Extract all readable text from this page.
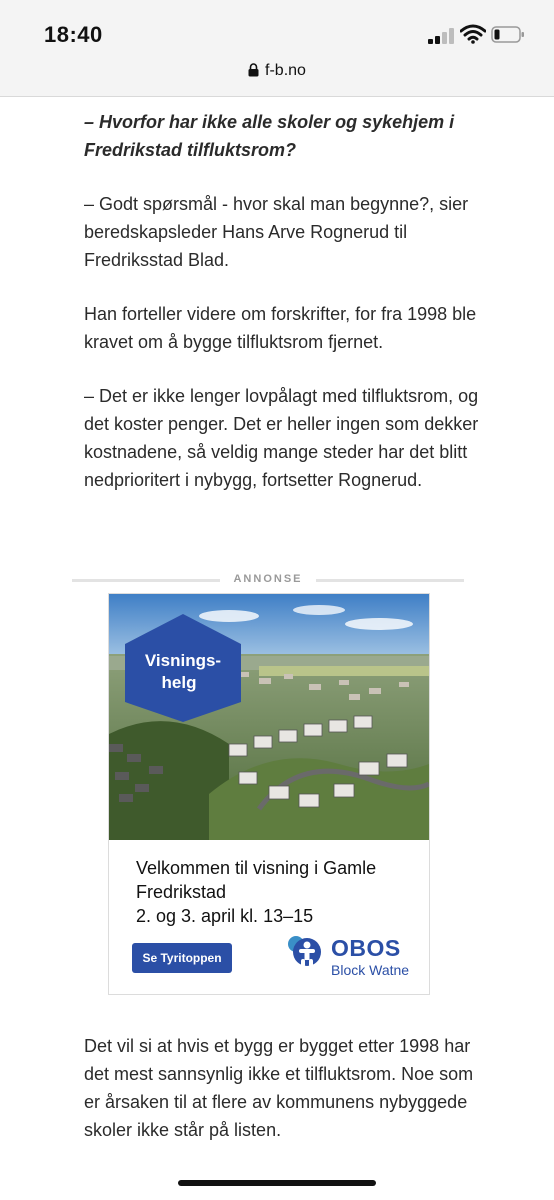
18:40
f-b.no

– Hvorfor har ikke alle skoler og sykehjem i Fredrikstad tilfluktsrom?

– Godt spørsmål - hvor skal man begynne?, sier beredskapsleder Hans Arve Rognerud til Fredriksstad Blad.

Han forteller videre om forskrifter, for fra 1998 ble kravet om å bygge tilfluktsrom fjernet.

– Det er ikke lenger lovpålagt med tilfluktsrom, og det koster penger. Det er heller ingen som dekker kostnadene, så veldig mange steder har det blitt nedprioritert i nybygg, fortsetter Rognerud.

ANNONSE
Visnings-
helg
Velkommen til visning i Gamle Fredrikstad
2. og 3. april kl. 13–15
Se Tyritoppen	OBOS
Block Watne
Det vil si at hvis et bygg er bygget etter 1998 har det mest sannsynlig ikke et tilfluktsrom. Noe som er årsaken til at flere av kommunens nybyggede skoler ikke står på listen.
